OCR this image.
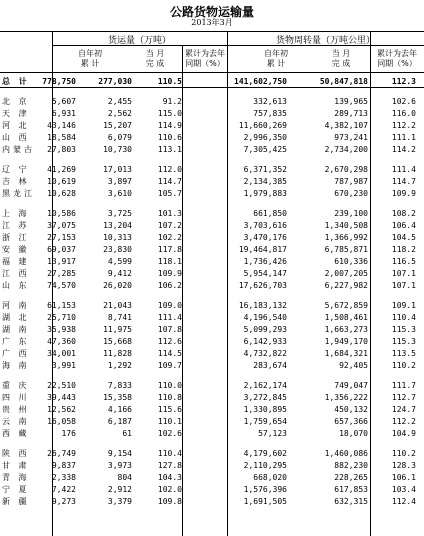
公路货物运输量
2013年3月
货运量（万吨）	货物周转量（万吨公里）
自年初
累 计
当 月
完 成
累计为去年
同期（%）
自年初
累 计
当 月
完 成
累计为去年
同期（%）
总 计	778,750	277,030	110.5	141,602,750	50,847,818	112.3
北 京	5,607	2,455	91.2	332,613	139,965	102.6
天 津	6,931	2,562	115.0	757,835	289,713	116.0
河 北	43,146	15,207	114.9	11,660,269	4,382,107	112.2
山 西	18,584	6,079	110.6	2,996,350	973,241	111.1
内蒙古	27,803	10,730	113.1	7,305,425	2,734,200	114.2
辽 宁	41,269	17,013	112.0	6,371,352	2,670,298	111.4
吉 林	10,619	3,897	114.7	2,134,385	787,987	114.7
黑龙江	10,628	3,610	105.7	1,979,883	670,230	109.9
上 海	10,586	3,725	101.3	661,850	239,100	108.2
江 苏	37,075	13,204	107.2	3,703,616	1,340,508	106.4
浙 江	27,153	10,313	102.2	3,470,176	1,366,992	104.5
安 徽	69,037	23,830	117.8	19,464,817	6,785,871	118.2
福 建	13,917	4,599	118.1	1,736,426	610,336	116.5
江 西	27,285	9,412	109.9	5,954,147	2,007,205	107.1
山 东	74,570	26,020	106.2	17,626,703	6,227,982	107.1
河 南	61,153	21,043	109.0	16,183,132	5,672,859	109.1
湖 北	25,710	8,741	111.4	4,196,540	1,508,461	110.4
湖 南	35,938	11,975	107.8	5,099,293	1,663,273	115.3
广 东	47,360	15,668	112.6	6,142,933	1,949,170	115.3
广 西	34,001	11,828	114.5	4,732,822	1,684,321	113.5
海 南	3,991	1,292	109.7	283,674	92,405	110.2
重 庆	22,510	7,833	110.0	2,162,174	749,047	111.7
四 川	39,443	15,358	110.8	3,272,845	1,356,222	112.7
贵 州	12,562	4,166	115.6	1,330,895	450,132	124.7
云 南	16,058	6,187	110.1	1,759,654	657,366	112.2
西 藏	176	61	102.6	57,123	18,070	104.9
陕 西	26,749	9,154	110.4	4,179,602	1,460,086	110.2
甘 肃	9,837	3,973	127.8	2,110,295	882,230	128.3
青 海	2,338	804	104.3	668,020	228,265	106.1
宁 夏	7,422	2,912	102.0	1,576,396	617,853	103.4
新 疆	9,273	3,379	109.8	1,691,505	632,315	112.4
